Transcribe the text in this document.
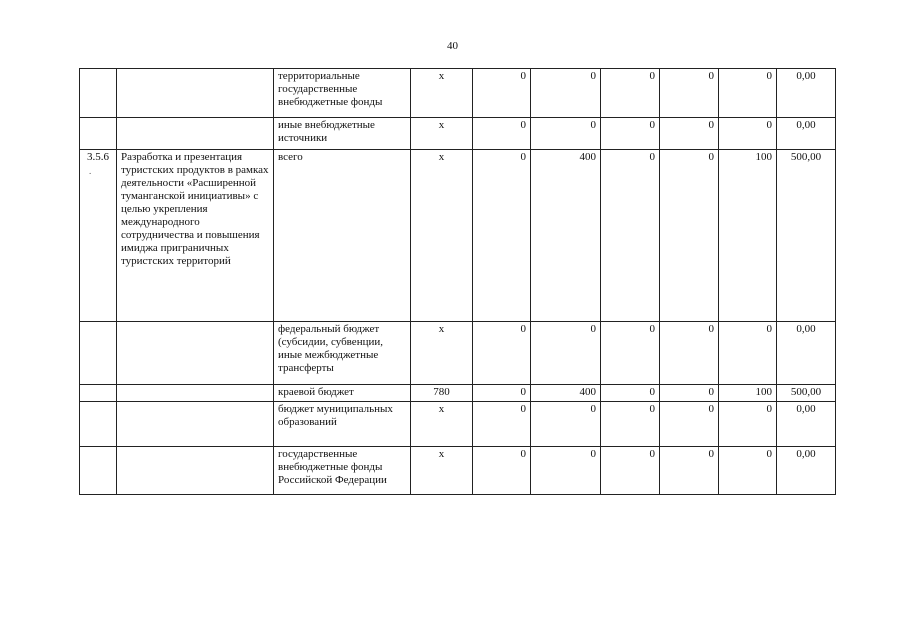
40
		территориальные государственные внебюджетные фонды	х	0	0	0	0	0	0,00
		иные внебюджетные источники	х	0	0	0	0	0	0,00
3.5.6	Разработка и презентация туристских продуктов в рамках деятельности «Расширенной туманганской инициативы» с целью укрепления международного сотрудничества и повышения имиджа приграничных туристских территорий	всего	х	0	400	0	0	100	500,00
		федеральный бюджет (субсидии, субвенции, иные межбюджетные трансферты	х	0	0	0	0	0	0,00
		краевой бюджет	780	0	400	0	0	100	500,00
		бюджет муниципальных образований	х	0	0	0	0	0	0,00
		государственные внебюджетные фонды Российской Федерации	х	0	0	0	0	0	0,00
.
